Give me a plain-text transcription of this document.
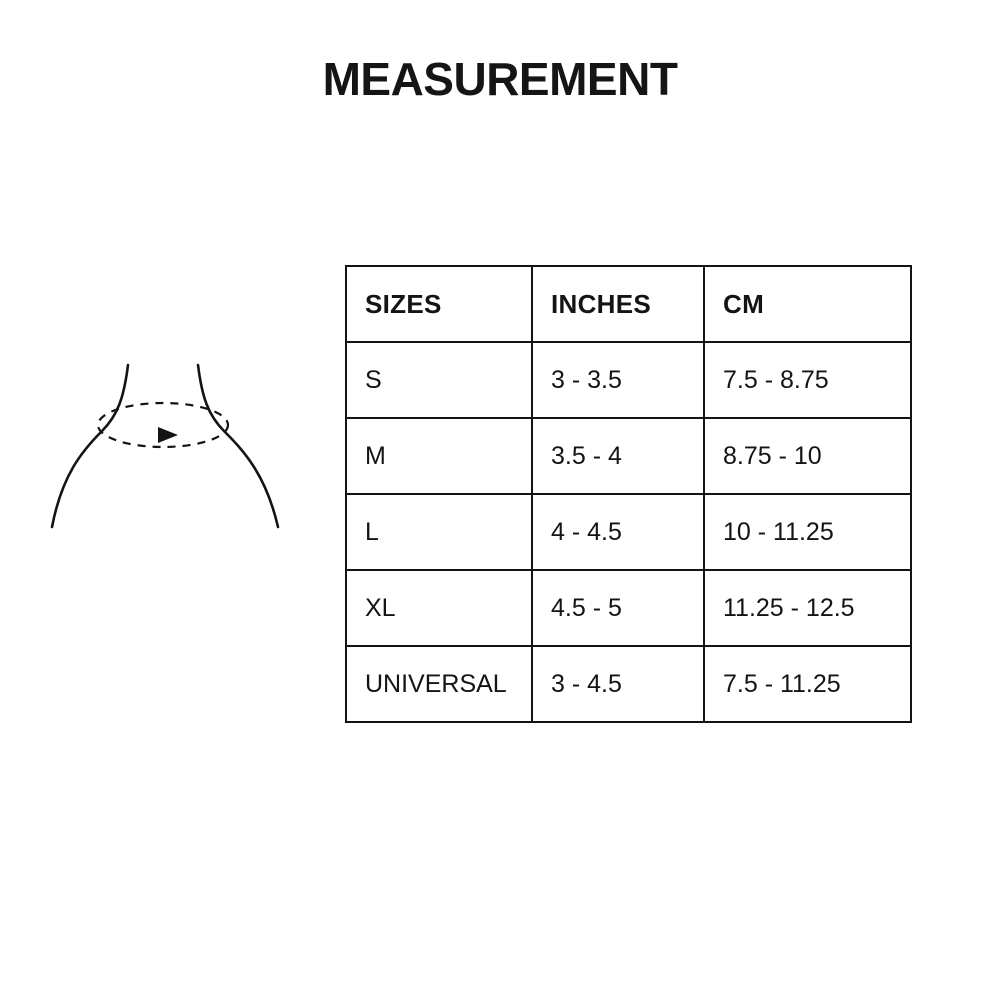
MEASUREMENT
SIZES	INCHES	CM
S	3 - 3.5	7.5 - 8.75
M	3.5 - 4	8.75 - 10
L	4 - 4.5	10 - 11.25
XL	4.5 - 5	11.25 - 12.5
UNIVERSAL	3 - 4.5	7.5 - 11.25
